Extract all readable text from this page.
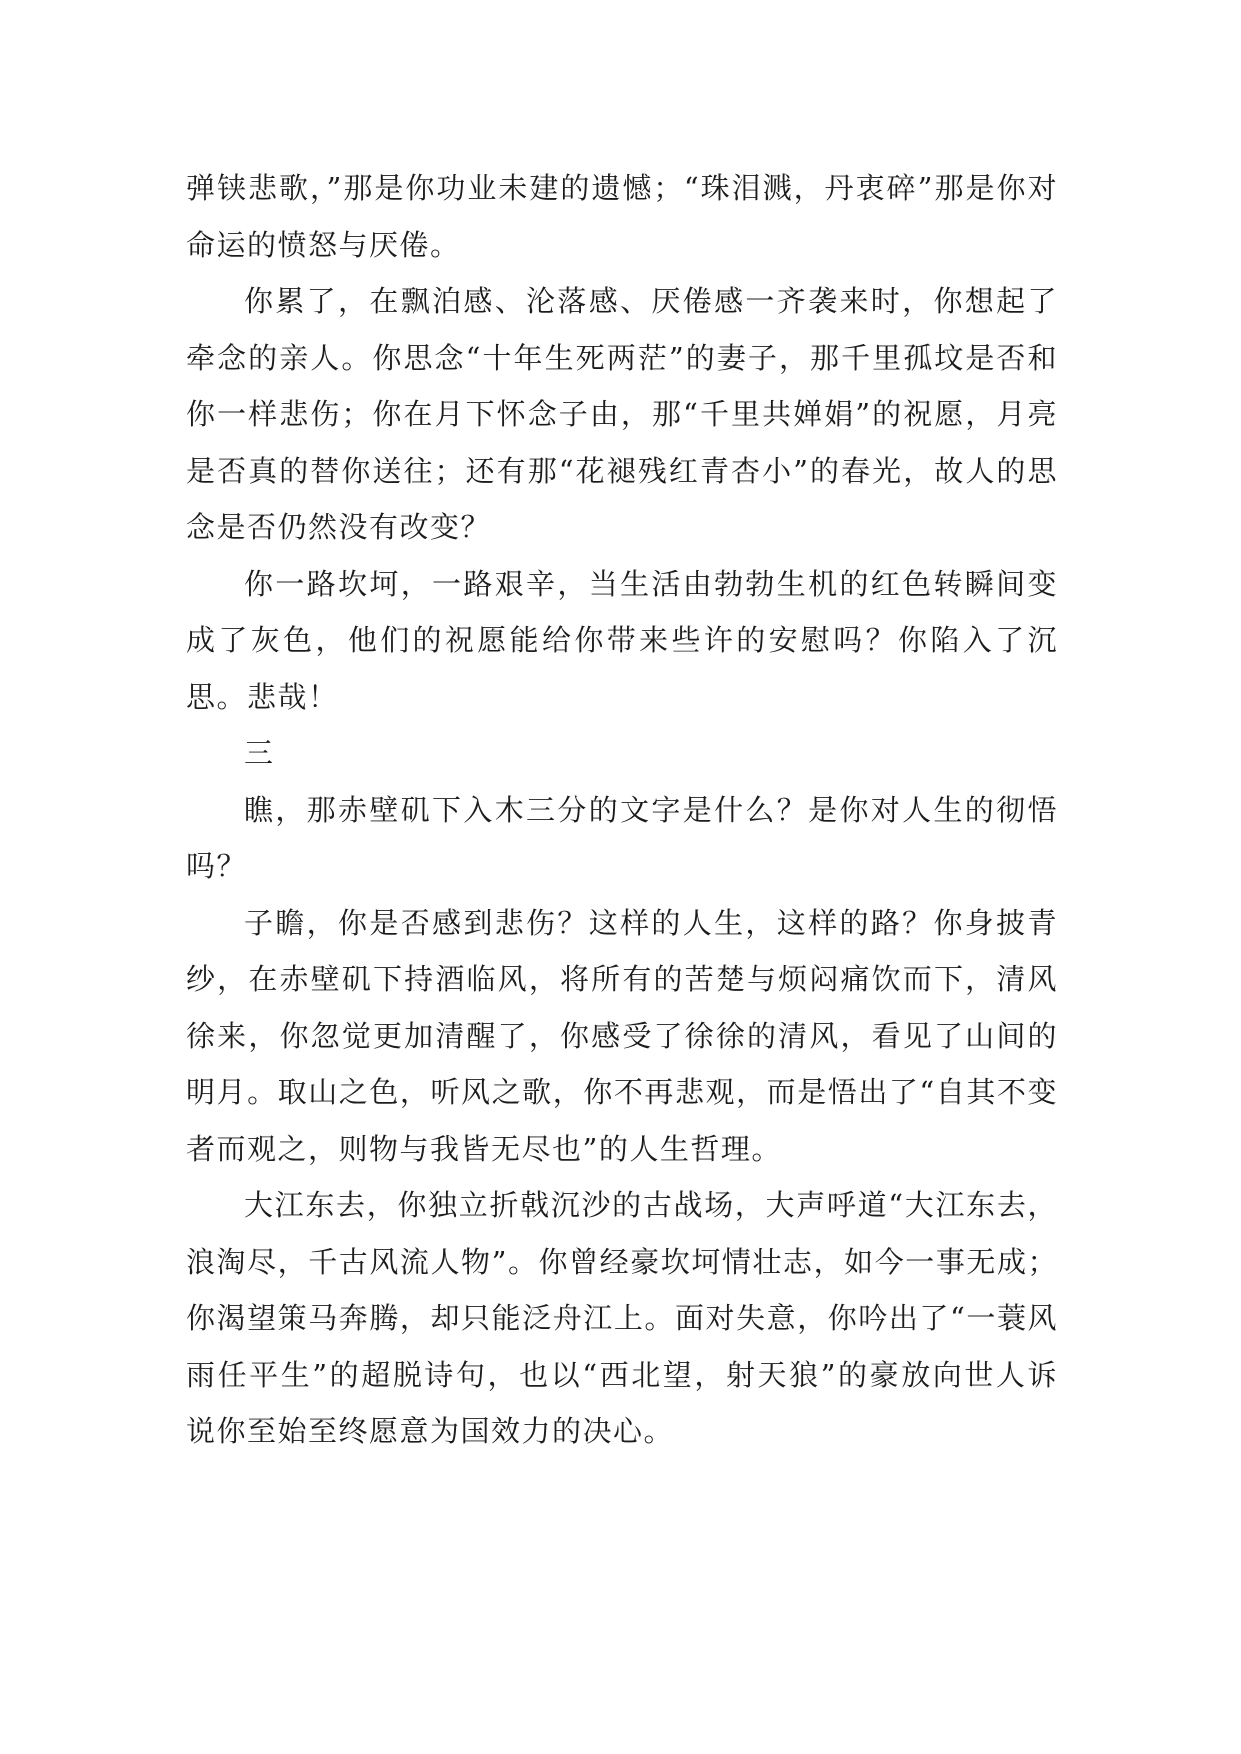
弹铗悲歌，”那是你功业未建的遗憾；“珠泪溅，丹衷碎”那是你对命运的愤怒与厌倦。

你累了，在飘泊感、沦落感、厌倦感一齐袭来时，你想起了牵念的亲人。你思念“十年生死两茫”的妻子，那千里孤坟是否和你一样悲伤；你在月下怀念子由，那“千里共婵娟”的祝愿，月亮是否真的替你送往；还有那“花褪残红青杏小”的春光，故人的思念是否仍然没有改变？

你一路坎坷，一路艰辛，当生活由勃勃生机的红色转瞬间变成了灰色，他们的祝愿能给你带来些许的安慰吗？你陷入了沉思。悲哉！

三

瞧，那赤壁矶下入木三分的文字是什么？是你对人生的彻悟吗？

子瞻，你是否感到悲伤？这样的人生，这样的路？你身披青纱，在赤壁矶下持酒临风，将所有的苦楚与烦闷痛饮而下，清风徐来，你忽觉更加清醒了，你感受了徐徐的清风，看见了山间的明月。取山之色，听风之歌，你不再悲观，而是悟出了“自其不变者而观之，则物与我皆无尽也”的人生哲理。

大江东去，你独立折戟沉沙的古战场，大声呼道“大江东去，浪淘尽，千古风流人物”。你曾经豪坎坷情壮志，如今一事无成；你渴望策马奔腾，却只能泛舟江上。面对失意，你吟出了“一蓑风雨任平生”的超脱诗句，也以“西北望，射天狼”的豪放向世人诉说你至始至终愿意为国效力的决心。
